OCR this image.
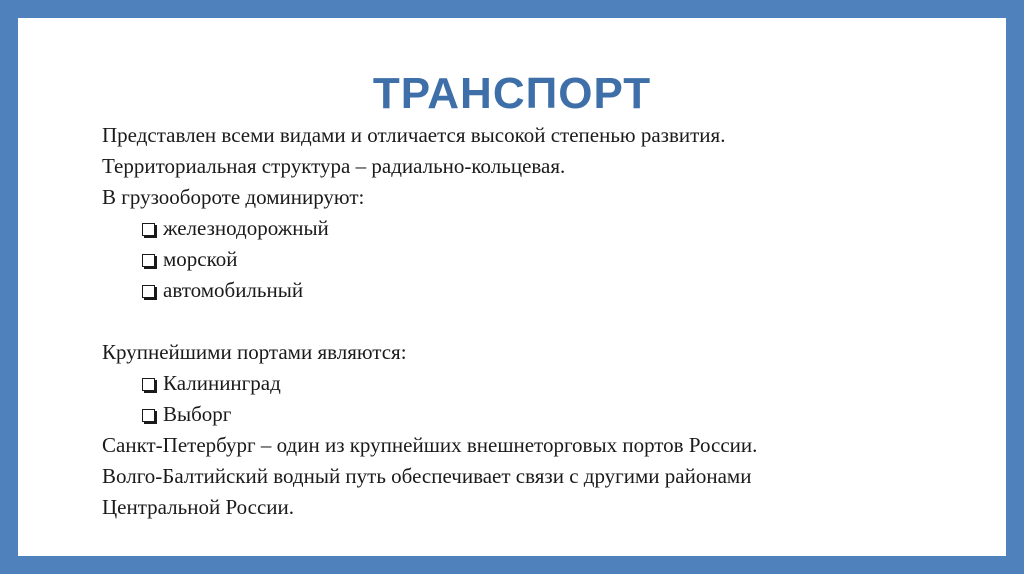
ТРАНСПОРТ
Представлен всеми видами и отличается высокой степенью развития.
Территориальная структура – радиально-кольцевая.
В грузообороте доминируют:
железнодорожный
морской
автомобильный
Крупнейшими портами являются:
Калининград
Выборг
Санкт-Петербург – один из крупнейших внешнеторговых портов России.
Волго-Балтийский водный путь обеспечивает связи с другими районами
Центральной России.
